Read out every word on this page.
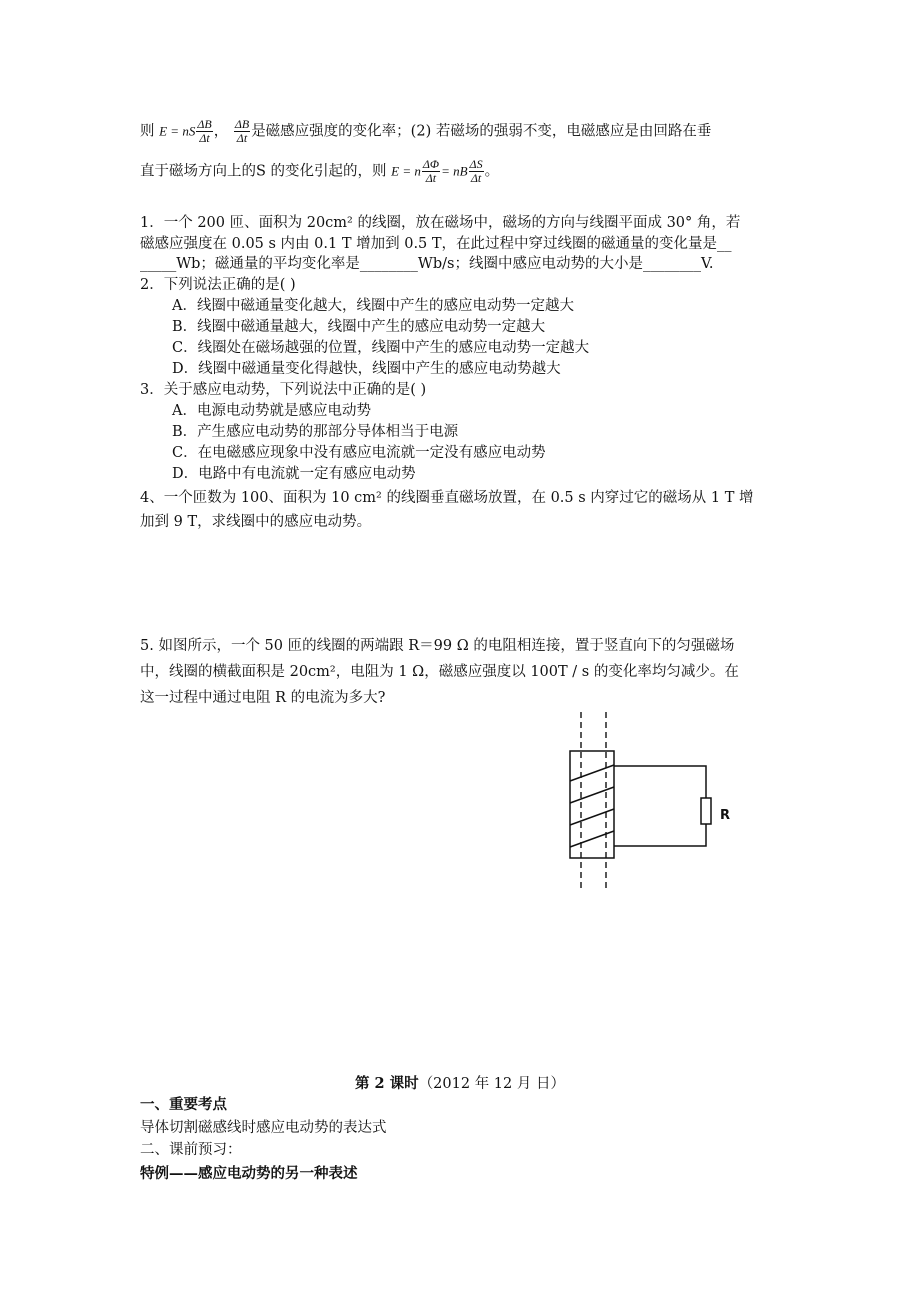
则 E = nS $\frac{\Delta B}{\Delta t}$ ， $\frac{\Delta B}{\Delta t}$ 是磁感应强度的变化率；(2) 若磁场的强弱不变，电磁感应是由回路在垂
直于磁场方向上的S 的变化引起的，则 E = n $\frac{\Delta\Phi}{\Delta t}$ = nB $\frac{\Delta S}{\Delta t}$ 。
1．一个 200 匝、面积为 20cm² 的线圈，放在磁场中，磁场的方向与线圈平面成 30° 角，若
磁感应强度在 0.05 s 内由 0.1 T 增加到 0.5 T，在此过程中穿过线圈的磁通量的变化量是__
_____Wb；磁通量的平均变化率是________Wb/s；线圈中感应电动势的大小是________V.
2．下列说法正确的是( )
A．线圈中磁通量变化越大，线圈中产生的感应电动势一定越大
B．线圈中磁通量越大，线圈中产生的感应电动势一定越大
C．线圈处在磁场越强的位置，线圈中产生的感应电动势一定越大
D．线圈中磁通量变化得越快，线圈中产生的感应电动势越大
3．关于感应电动势，下列说法中正确的是( )
A．电源电动势就是感应电动势
B．产生感应电动势的那部分导体相当于电源
C．在电磁感应现象中没有感应电流就一定没有感应电动势
D．电路中有电流就一定有感应电动势
4、一个匝数为 100、面积为 10 cm² 的线圈垂直磁场放置，在 0.5 s 内穿过它的磁场从 1 T 增
加到 9 T，求线圈中的感应电动势。
5. 如图所示，一个 50 匝的线圈的两端跟 R＝99 Ω 的电阻相连接，置于竖直向下的匀强磁场
中，线圈的横截面积是 20cm²，电阻为 1 Ω，磁感应强度以 100T / s 的变化率均匀减少。在
这一过程中通过电阻 R 的电流为多大?
R
第 2 课时（2012 年 12 月 日）
一、重要考点
导体切割磁感线时感应电动势的表达式
二、课前预习：
特例——感应电动势的另一种表述
